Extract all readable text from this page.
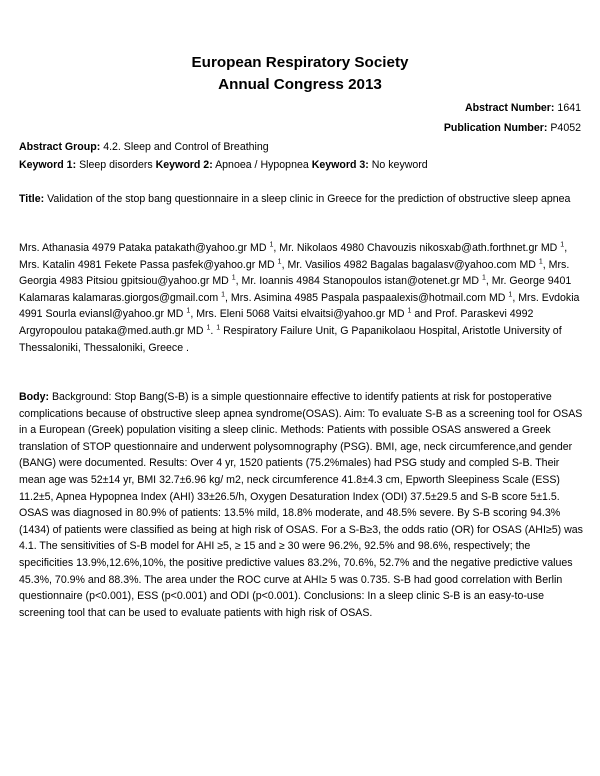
European Respiratory Society
Annual Congress 2013
Abstract Number: 1641
Publication Number: P4052
Abstract Group: 4.2. Sleep and Control of Breathing
Keyword 1: Sleep disorders Keyword 2: Apnoea / Hypopnea Keyword 3: No keyword
Title: Validation of the stop bang questionnaire in a sleep clinic in Greece for the prediction of obstructive sleep apnea
Mrs. Athanasia 4979 Pataka patakath@yahoo.gr MD $^1$, Mr. Nikolaos 4980 Chavouzis nikosxab@ath.forthnet.gr MD $^1$, Mrs. Katalin 4981 Fekete Passa pasfek@yahoo.gr MD $^1$, Mr. Vasilios 4982 Bagalas bagalasv@yahoo.com MD $^1$, Mrs. Georgia 4983 Pitsiou gpitsiou@yahoo.gr MD $^1$, Mr. Ioannis 4984 Stanopoulos istan@otenet.gr MD $^1$, Mr. George 9401 Kalamaras kalamaras.giorgos@gmail.com $^1$, Mrs. Asimina 4985 Paspala paspaalexis@hotmail.com MD $^1$, Mrs. Evdokia 4991 Sourla eviansl@yahoo.gr MD $^1$, Mrs. Eleni 5068 Vaitsi elvaitsi@yahoo.gr MD $^1$ and Prof. Paraskevi 4992 Argyropoulou pataka@med.auth.gr MD $^1$. $^1$ Respiratory Failure Unit, G Papanikolaou Hospital, Aristotle University of Thessaloniki, Thessaloniki, Greece .
Body: Background: Stop Bang(S-B) is a simple questionnaire effective to identify patients at risk for postoperative complications because of obstructive sleep apnea syndrome(OSAS). Aim: To evaluate S-B as a screening tool for OSAS in a European (Greek) population visiting a sleep clinic. Methods: Patients with possible OSAS answered a Greek translation of STOP questionnaire and underwent polysomnography (PSG). BMI, age, neck circumference,and gender (BANG) were documented. Results: Over 4 yr, 1520 patients (75.2%males) had PSG study and compled S-B. Their mean age was 52±14 yr, BMI 32.7±6.96 kg/ m2, neck circumference 41.8±4.3 cm, Epworth Sleepiness Scale (ESS) 11.2±5, Apnea Hypopnea Index (AHI) 33±26.5/h, Oxygen Desaturation Index (ODI) 37.5±29.5 and S-B score 5±1.5. OSAS was diagnosed in 80.9% of patients: 13.5% mild, 18.8% moderate, and 48.5% severe. By S-B scoring 94.3%(1434) of patients were classified as being at high risk of OSAS. For a S-B≥3, the odds ratio (OR) for OSAS (AHI≥5) was 4.1. The sensitivities of S-B model for AHI ≥5, ≥ 15 and ≥ 30 were 96.2%, 92.5% and 98.6%, respectively; the specificities 13.9%,12.6%,10%, the positive predictive values 83.2%, 70.6%, 52.7% and the negative predictive values 45.3%, 70.9% and 88.3%. The area under the ROC curve at AHI≥ 5 was 0.735. S-B had good correlation with Berlin questionnaire (p<0.001), ESS (p<0.001) and ODI (p<0.001). Conclusions: In a sleep clinic S-B is an easy-to-use screening tool that can be used to evaluate patients with high risk of OSAS.
